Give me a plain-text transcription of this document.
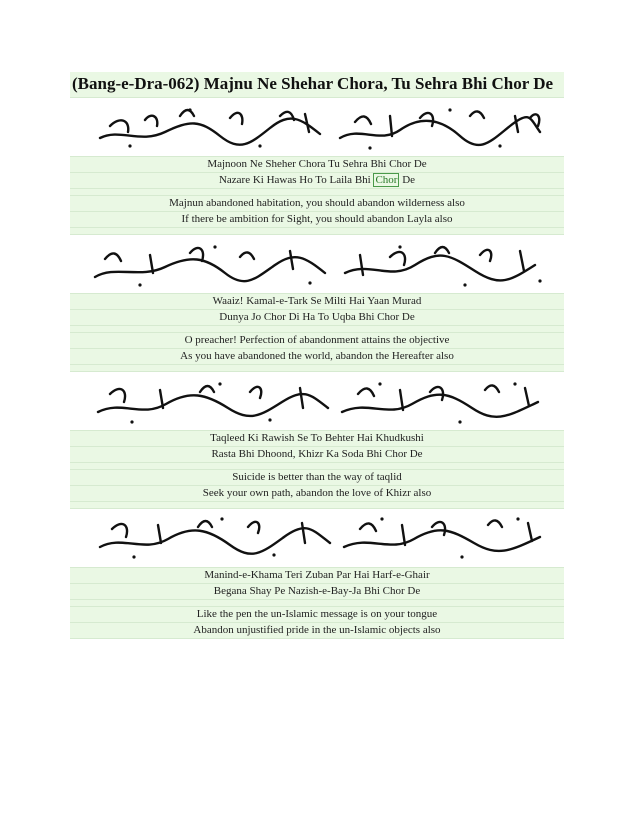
(Bang-e-Dra-062) Majnu Ne Shehar Chora, Tu Sehra Bhi Chor De
Majnoon Ne Sheher Chora Tu Sehra Bhi Chor De
Nazare Ki Hawas Ho To Laila Bhi Chor De
Majnun abandoned habitation, you should abandon wilderness also
If there be ambition for Sight, you should abandon Layla also
Waaiz! Kamal-e-Tark Se Milti Hai Yaan Murad
Dunya Jo Chor Di Ha To Uqba Bhi Chor De
O preacher! Perfection of abandonment attains the objective
As you have abandoned the world, abandon the Hereafter also
Taqleed Ki Rawish Se To Behter Hai Khudkushi
Rasta Bhi Dhoond, Khizr Ka Soda Bhi Chor De
Suicide is better than the way of taqlid
Seek your own path, abandon the love of Khizr also
Manind-e-Khama Teri Zuban Par Hai Harf-e-Ghair
Begana Shay Pe Nazish-e-Bay-Ja Bhi Chor De
Like the pen the un-Islamic message is on your tongue
Abandon unjustified pride in the un-Islamic objects also
